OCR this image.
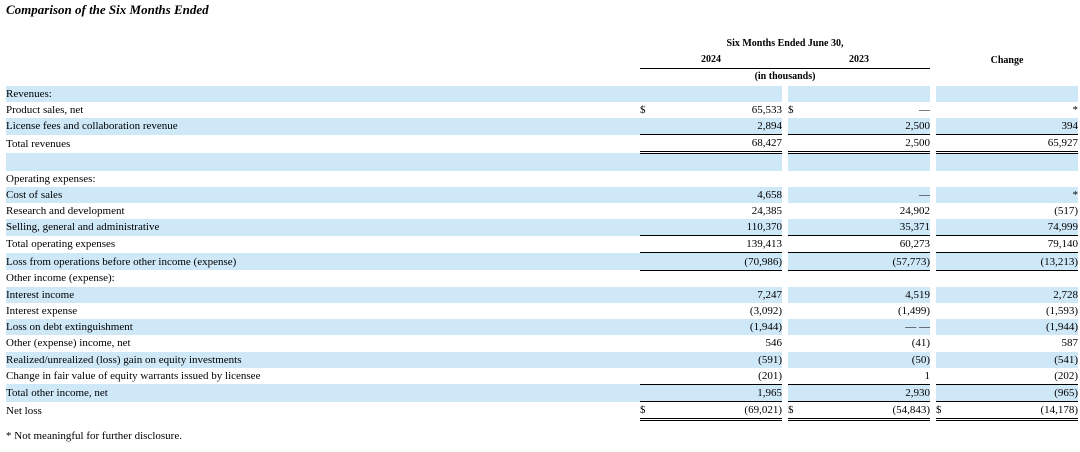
Comparison of the Six Months Ended
	Six Months Ended June 30,							
	2024			2023			Change	
	(in thousands)							
Revenues:								
Product sales, net	$	65,533		$	—			*
License fees and collaboration revenue		2,894			2,500			394
Total revenues		68,427			2,500			65,927

Operating expenses:								
Cost of sales		4,658			—			*
Research and development		24,385			24,902			(517)
Selling, general and administrative		110,370			35,371			74,999
Total operating expenses		139,413			60,273			79,140
Loss from operations before other income (expense)		(70,986)			(57,773)			(13,213)
Other income (expense):								
Interest income		7,247			4,519			2,728
Interest expense		(3,092)			(1,499)			(1,593)
Loss on debt extinguishment		(1,944)			— —			(1,944)
Other (expense) income, net		546			(41)			587
Realized/unrealized (loss) gain on equity investments		(591)			(50)			(541)
Change in fair value of equity warrants issued by licensee		(201)			1			(202)
Total other income, net		1,965			2,930			(965)
Net loss	$	(69,021)		$	(54,843)		$	(14,178)
* Not meaningful for further disclosure.
